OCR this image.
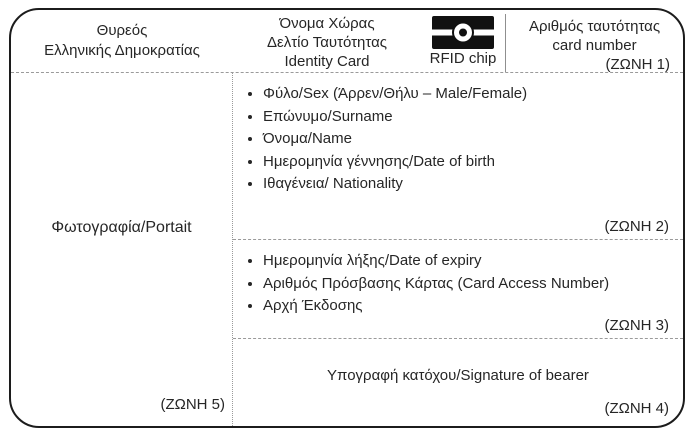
Θυρεός
Ελληνικής Δημοκρατίας
Όνομα Χώρας
Δελτίο Ταυτότητας
Identity Card	RFID chip
Αριθμός ταυτότητας
card number
(ΖΩΝΗ 1)
Φωτογραφία/Portait
(ΖΩΝΗ 5)
• Φύλο/Sex (Άρρεν/Θήλυ – Male/Female)
• Επώνυμο/Surname
• Όνομα/Name
• Ημερομηνία γέννησης/Date of birth
• Ιθαγένεια/ Nationality
(ΖΩΝΗ 2)
• Ημερομηνία λήξης/Date of expiry
• Αριθμός Πρόσβασης Κάρτας (Card Access Number)
• Αρχή Έκδοσης
(ΖΩΝΗ 3)
Υπογραφή κατόχου/Signature of bearer
(ΖΩΝΗ 4)
